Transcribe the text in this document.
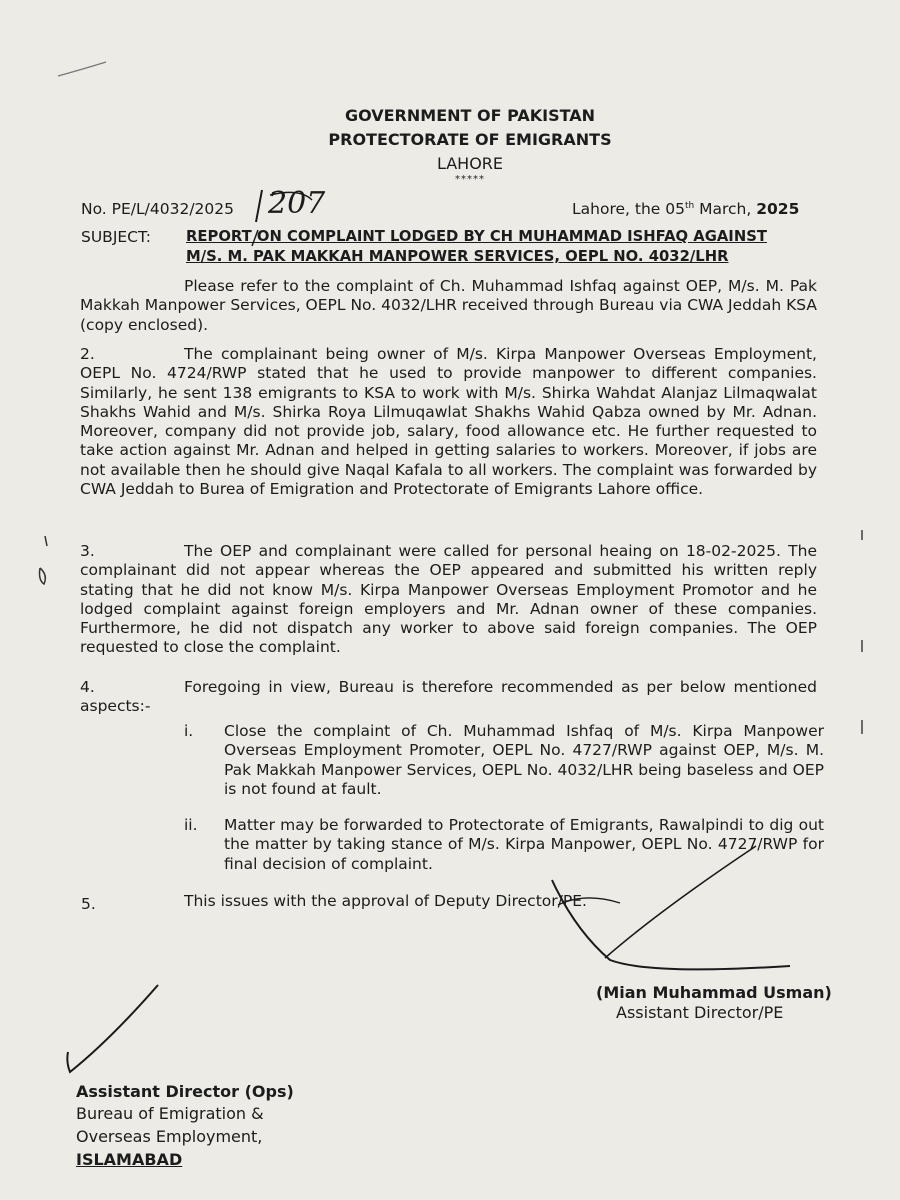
GOVERNMENT OF PAKISTAN
PROTECTORATE OF EMIGRANTS
LAHORE
*****
No. PE/L/4032/2025 207	Lahore, the 05th March, 2025
SUBJECT: REPORT ON COMPLAINT LODGED BY CH MUHAMMAD ISHFAQ AGAINST
M/S. M. PAK MAKKAH MANPOWER SERVICES, OEPL NO. 4032/LHR
Please refer to the complaint of Ch. Muhammad Ishfaq against OEP, M/s. M. Pak Makkah Manpower Services, OEPL No. 4032/LHR received through Bureau via CWA Jeddah KSA (copy enclosed).
2.	The complainant being owner of M/s. Kirpa Manpower Overseas Employment, OEPL No. 4724/RWP stated that he used to provide manpower to different companies. Similarly, he sent 138 emigrants to KSA to work with M/s. Shirka Wahdat Alanjaz Lilmaqwalat Shakhs Wahid and M/s. Shirka Roya Lilmuqawlat Shakhs Wahid Qabza owned by Mr. Adnan. Moreover, company did not provide job, salary, food allowance etc. He further requested to take action against Mr. Adnan and helped in getting salaries to workers. Moreover, if jobs are not available then he should give Naqal Kafala to all workers. The complaint was forwarded by CWA Jeddah to Burea of Emigration and Protectorate of Emigrants Lahore office.
3.	The OEP and complainant were called for personal heaing on 18-02-2025. The complainant did not appear whereas the OEP appeared and submitted his written reply stating that he did not know M/s. Kirpa Manpower Overseas Employment Promotor and he lodged complaint against foreign employers and Mr. Adnan owner of these companies. Furthermore, he did not dispatch any worker to above said foreign companies. The OEP requested to close the complaint.
4.	Foregoing in view, Bureau is therefore recommended as per below mentioned aspects:-
i. Close the complaint of Ch. Muhammad Ishfaq of M/s. Kirpa Manpower Overseas Employment Promoter, OEPL No. 4727/RWP against OEP, M/s. M. Pak Makkah Manpower Services, OEPL No. 4032/LHR being baseless and OEP is not found at fault.
ii. Matter may be forwarded to Protectorate of Emigrants, Rawalpindi to dig out the matter by taking stance of M/s. Kirpa Manpower, OEPL No. 4727/RWP for final decision of complaint.
5.	This issues with the approval of Deputy Director/PE.
(Mian Muhammad Usman)
Assistant Director/PE
Assistant Director (Ops)
Bureau of Emigration &
Overseas Employment,
ISLAMABAD
